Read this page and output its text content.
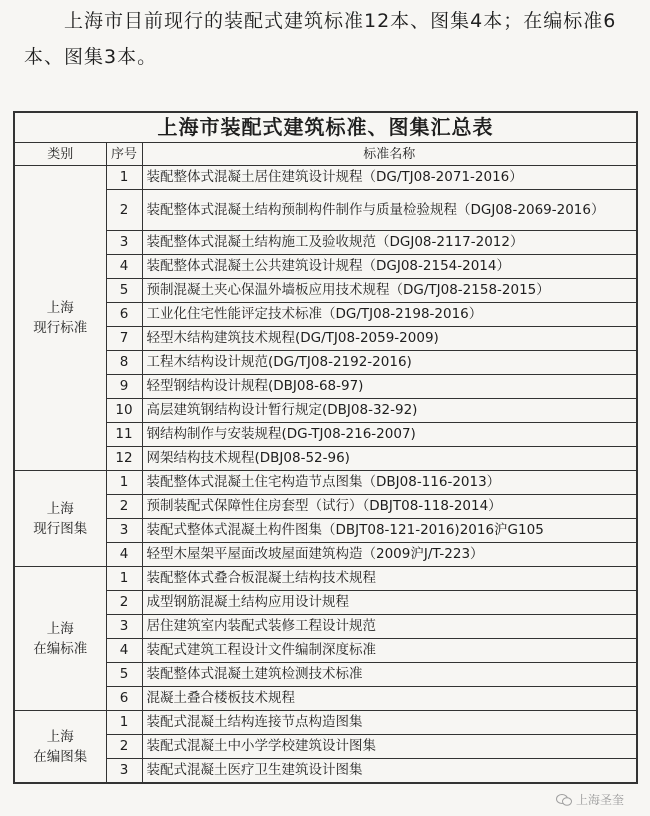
上海市目前现行的装配式建筑标准12本、图集4本；在编标准6本、图集3本。
上海市装配式建筑标准、图集汇总表		
类别	序号	标准名称

上海
现行标准	1	装配整体式混凝土居住建筑设计规程（DG/TJ08-2071-2016）
	2	装配整体式混凝土结构预制构件制作与质量检验规程（DGJ08-2069-2016）
	3	装配整体式混凝土结构施工及验收规范（DGJ08-2117-2012）
	4	装配整体式混凝土公共建筑设计规程（DGJ08-2154-2014）
	5	预制混凝土夹心保温外墙板应用技术规程（DG/TJ08-2158-2015）
	6	工业化住宅性能评定技术标准（DG/TJ08-2198-2016）
	7	轻型木结构建筑技术规程(DG/TJ08-2059-2009)
	8	工程木结构设计规范(DG/TJ08-2192-2016)
	9	轻型钢结构设计规程(DBJ08-68-97)
	10	高层建筑钢结构设计暂行规定(DBJ08-32-92)
	11	钢结构制作与安装规程(DG-TJ08-216-2007)
	12	网架结构技术规程(DBJ08-52-96)

上海
现行图集	1	装配整体式混凝土住宅构造节点图集（DBJ08-116-2013）
	2	预制装配式保障性住房套型（试行）（DBJT08-118-2014）
	3	装配式整体式混凝土构件图集（DBJT08-121-2016)2016沪G105
	4	轻型木屋架平屋面改坡屋面建筑构造（2009沪J/T-223）

上海
在编标准	1	装配整体式叠合板混凝土结构技术规程
	2	成型钢筋混凝土结构应用设计规程
	3	居住建筑室内装配式装修工程设计规范
	4	装配式建筑工程设计文件编制深度标准
	5	装配整体式混凝土建筑检测技术标准
	6	混凝土叠合楼板技术规程

上海
在编图集	1	装配式混凝土结构连接节点构造图集
	2	装配式混凝土中小学学校建筑设计图集
	3	装配式混凝土医疗卫生建筑设计图集
上海圣奎
